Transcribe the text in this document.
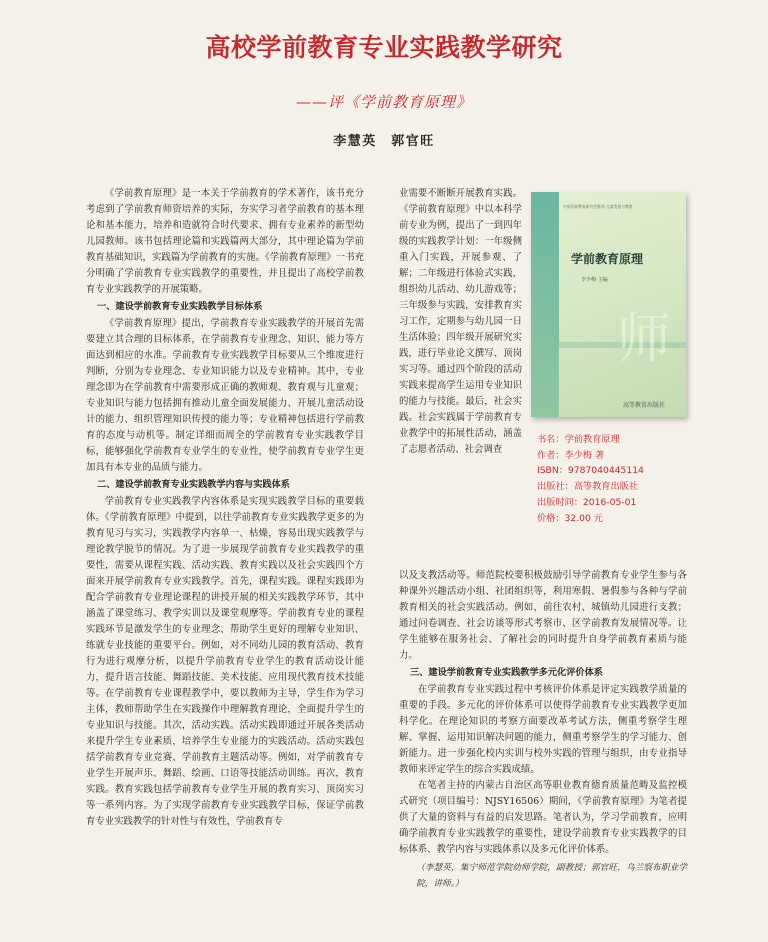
高校学前教育专业实践教学研究
——评《学前教育原理》
李慧英　郭官旺

《学前教育原理》是一本关于学前教育的学术著作，该书充分考虑到了学前教育师资培养的实际，夯实学习者学前教育的基本理论和基本能力，培养和造就符合时代要求、拥有专业素养的新型幼儿园教师。该书包括理论篇和实践篇两大部分，其中理论篇为学前教育基础知识，实践篇为学前教育的实施。《学前教育原理》一书充分明确了学前教育专业实践教学的重要性，并且提出了高校学前教育专业实践教学的开展策略。

一、建设学前教育专业实践教学目标体系

《学前教育原理》提出，学前教育专业实践教学的开展首先需要建立其合理的目标体系，在学前教育专业理念、知识、能力等方面达到相应的水准。学前教育专业实践教学目标要从三个维度进行判断，分别为专业理念、专业知识能力以及专业精神。其中，专业理念即为在学前教育中需要形成正确的教师观、教育观与儿童观；专业知识与能力包括拥有推动儿童全面发展能力、开展儿童活动设计的能力、组织管理知识传授的能力等；专业精神包括进行学前教育的态度与动机等。制定详细而周全的学前教育专业实践教学目标，能够强化学前教育专业学生的专业性，使学前教育专业学生更加具有本专业的品质与能力。

二、建设学前教育专业实践教学内容与实践体系

学前教育专业实践教学内容体系是实现实践教学目标的重要载体。《学前教育原理》中提到，以往学前教育专业实践教学更多的为教育见习与实习，实践教学内容单一、枯燥，容易出现实践教学与理论教学脱节的情况。为了进一步展现学前教育专业实践教学的重要性，需要从课程实践、活动实践、教育实践以及社会实践四个方面来开展学前教育专业实践教学。首先，课程实践。课程实践即为配合学前教育专业理论课程的讲授开展的相关实践教学环节，其中涵盖了课堂练习、教学实训以及课堂观摩等。学前教育专业的课程实践环节是激发学生的专业理念、帮助学生更好的理解专业知识、练就专业技能的重要平台。例如，对不同幼儿园的教育活动、教育行为进行观摩分析，以提升学前教育专业学生的教育活动设计能力，提升语言技能、舞蹈技能、美术技能、应用现代教育技术技能等。在学前教育专业课程教学中，要以教师为主导，学生作为学习主体，教师帮助学生在实践操作中理解教育理论，全面提升学生的专业知识与技能。其次，活动实践。活动实践即通过开展各类活动来提升学生专业素质，培养学生专业能力的实践活动。活动实践包括学前教育专业竞赛、学前教育主题活动等。例如，对学前教育专业学生开展声乐、舞蹈、绘画、口语等技能活动训练。再次，教育实践。教育实践包括学前教育专业学生开展的教育实习、顶岗实习等一系列内容。为了实现学前教育专业实践教学目标，保证学前教育专业实践教学的针对性与有效性，学前教育专

业需要不断断开展教育实践。《学前教育原理》中以本科学前专业为例，提出了一到四年级的实践教学计划：一年级侧重入门实践，开展参观、了解；二年级进行体验式实践，组织幼儿活动、幼儿游戏等；三年级参与实践，安排教育实习工作，定期参与幼儿园一日生活体验；四年级开展研究实践，进行毕业论文撰写、顶岗实习等。通过四个阶段的活动实践来提高学生运用专业知识的能力与技能。最后，社会实践。社会实践属于学前教育专业教学中的拓展性活动，涵盖了志愿者活动、社会调查

中国学前教育研究会推荐·儿童发展与教育
学前教育原理
李少梅 主编
师
高等教育出版社
书名：学前教育原理
作者：李少梅 著
ISBN：9787040445114
出版社：高等教育出版社
出版时间：2016-05-01
价格：32.00 元

以及支教活动等。师范院校要积极鼓励引导学前教育专业学生参与各种课外兴趣活动小组、社团组织等，利用寒假、暑假参与各种与学前教育相关的社会实践活动。例如，前往农村、城镇幼儿园进行支教；通过问卷调查、社会访谈等形式考察市、区学前教育发展情况等。让学生能够在服务社会、了解社会的同时提升自身学前教育素质与能力。

三、建设学前教育专业实践教学多元化评价体系

在学前教育专业实践过程中考核评价体系是评定实践教学质量的重要的手段。多元化的评价体系可以使得学前教育专业实践教学更加科学化。在理论知识的考察方面要改革考试方法，侧重考察学生理解、掌握、运用知识解决问题的能力，侧重考察学生的学习能力、创新能力。进一步强化校内实训与校外实践的管理与组织，由专业指导教师来评定学生的综合实践成绩。

在笔者主持的内蒙古自治区高等职业教育德育质量范畴及监控模式研究（项目编号：NJSY16506）期间，《学前教育原理》为笔者提供了大量的资料与有益的启发思路。笔者认为，学习学前教育，应明确学前教育专业实践教学的重要性，建设学前教育专业实践教学的目标体系、教学内容与实践体系以及多元化评价体系。

（李慧英，集宁师范学院幼师学院，副教授；郭官旺，乌兰察布职业学院，讲师。）
